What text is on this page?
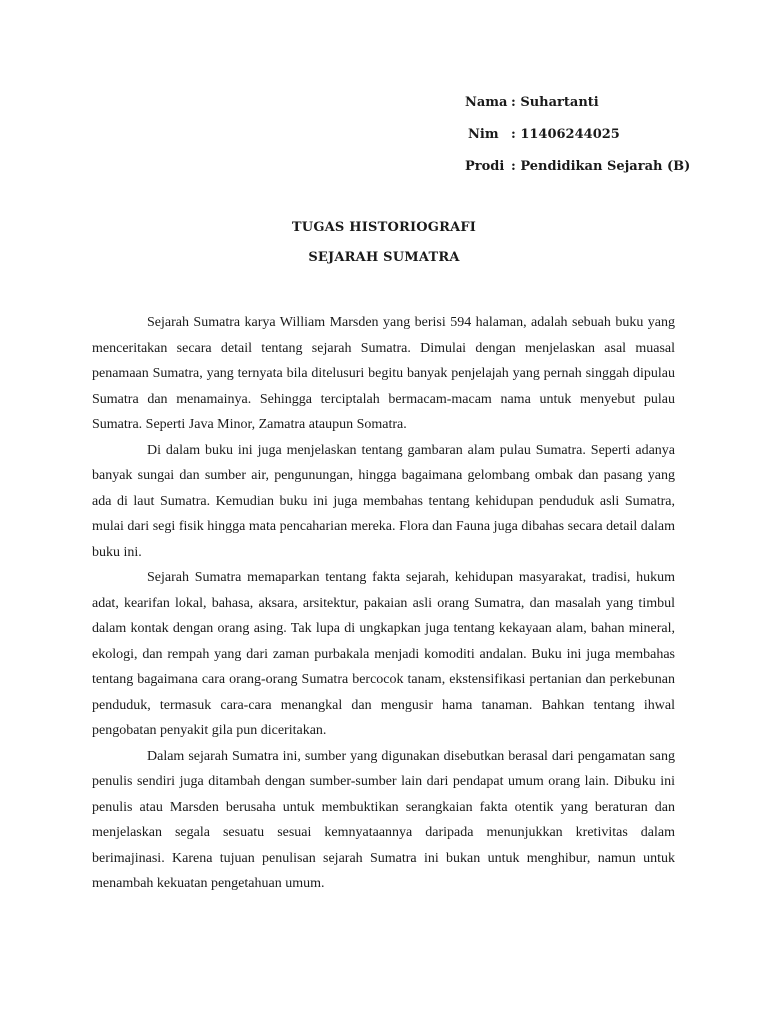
Nama : Suhartanti
Nim : 11406244025
Prodi : Pendidikan Sejarah (B)
TUGAS HISTORIOGRAFI
SEJARAH SUMATRA

Sejarah Sumatra karya William Marsden yang berisi 594 halaman, adalah sebuah buku yang menceritakan secara detail tentang sejarah Sumatra. Dimulai dengan menjelaskan asal muasal penamaan Sumatra, yang ternyata bila ditelusuri begitu banyak penjelajah yang pernah singgah dipulau Sumatra dan menamainya. Sehingga terciptalah bermacam-macam nama untuk menyebut pulau Sumatra. Seperti Java Minor, Zamatra ataupun Somatra.

Di dalam buku ini juga menjelaskan tentang gambaran alam pulau Sumatra. Seperti adanya banyak sungai dan sumber air, pengunungan, hingga bagaimana gelombang ombak dan pasang yang ada di laut Sumatra. Kemudian buku ini juga membahas tentang kehidupan penduduk asli Sumatra, mulai dari segi fisik hingga mata pencaharian mereka. Flora dan Fauna juga dibahas secara detail dalam buku ini.

Sejarah Sumatra memaparkan tentang fakta sejarah, kehidupan masyarakat, tradisi, hukum adat, kearifan lokal, bahasa, aksara, arsitektur, pakaian asli orang Sumatra, dan masalah yang timbul dalam kontak dengan orang asing. Tak lupa di ungkapkan juga tentang kekayaan alam, bahan mineral, ekologi, dan rempah yang dari zaman purbakala menjadi komoditi andalan. Buku ini juga membahas tentang bagaimana cara orang-orang Sumatra bercocok tanam, ekstensifikasi pertanian dan perkebunan penduduk, termasuk cara-cara menangkal dan mengusir hama tanaman. Bahkan tentang ihwal pengobatan penyakit gila pun diceritakan.

Dalam sejarah Sumatra ini, sumber yang digunakan disebutkan berasal dari pengamatan sang penulis sendiri juga ditambah dengan sumber-sumber lain dari pendapat umum orang lain. Dibuku ini penulis atau Marsden berusaha untuk membuktikan serangkaian fakta otentik yang beraturan dan menjelaskan segala sesuatu sesuai kemnyataannya daripada menunjukkan kretivitas dalam berimajinasi. Karena tujuan penulisan sejarah Sumatra ini bukan untuk menghibur, namun untuk menambah kekuatan pengetahuan umum.
